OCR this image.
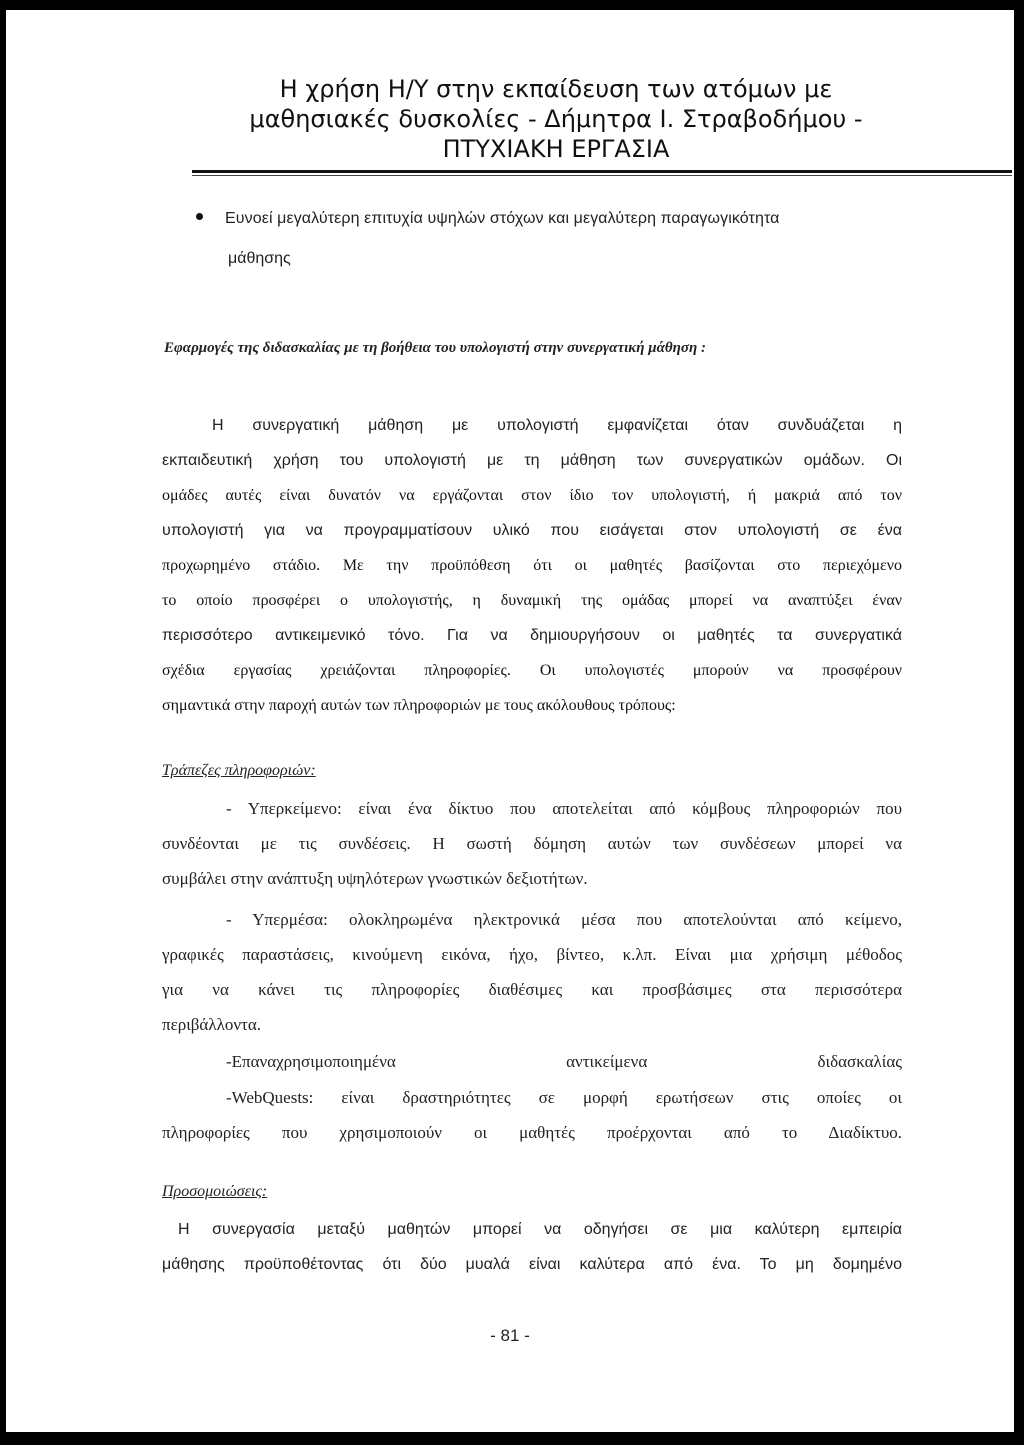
Η χρήση Η/Υ στην εκπαίδευση των ατόμων με
μαθησιακές δυσκολίες - Δήμητρα Ι. Στραβοδήμου -
ΠΤΥΧΙΑΚΗ ΕΡΓΑΣΙΑ
Ευνοεί μεγαλύτερη επιτυχία υψηλών στόχων και μεγαλύτερη παραγωγικότητα
μάθησης
Εφαρμογές της διδασκαλίας με τη βοήθεια του υπολογιστή στην συνεργατική μάθηση :
Η συνεργατική μάθηση με υπολογιστή εμφανίζεται όταν συνδυάζεται η
εκπαιδευτική χρήση του υπολογιστή με τη μάθηση των συνεργατικών ομάδων. Οι
ομάδες αυτές είναι δυνατόν να εργάζονται στον ίδιο τον υπολογιστή, ή μακριά από τον
υπολογιστή για να προγραμματίσουν υλικό που εισάγεται στον υπολογιστή σε ένα
προχωρημένο στάδιο. Με την προϋπόθεση ότι οι μαθητές βασίζονται στο περιεχόμενο
το οποίο προσφέρει ο υπολογιστής, η δυναμική της ομάδας μπορεί να αναπτύξει έναν
περισσότερο αντικειμενικό τόνο. Για να δημιουργήσουν οι μαθητές τα συνεργατικά
σχέδια εργασίας χρειάζονται πληροφορίες. Οι υπολογιστές μπορούν να προσφέρουν
σημαντικά στην παροχή αυτών των πληροφοριών με τους ακόλουθους τρόπους:
Τράπεζες πληροφοριών:
- Υπερκείμενο: είναι ένα δίκτυο που αποτελείται από κόμβους πληροφοριών που
συνδέονται με τις συνδέσεις. Η σωστή δόμηση αυτών των συνδέσεων μπορεί να
συμβάλει στην ανάπτυξη υψηλότερων γνωστικών δεξιοτήτων.
- Υπερμέσα: ολοκληρωμένα ηλεκτρονικά μέσα που αποτελούνται από κείμενο,
γραφικές παραστάσεις, κινούμενη εικόνα, ήχο, βίντεο, κ.λπ. Είναι μια χρήσιμη μέθοδος
για να κάνει τις πληροφορίες διαθέσιμες και προσβάσιμες στα περισσότερα
περιβάλλοντα.
-Επαναχρησιμοποιημένα	αντικείμενα	διδασκαλίας
-WebQuests: είναι δραστηριότητες σε μορφή ερωτήσεων στις οποίες οι
πληροφορίες που χρησιμοποιούν οι μαθητές προέρχονται από το Διαδίκτυο.
Προσομοιώσεις:
Η συνεργασία μεταξύ μαθητών μπορεί να οδηγήσει σε μια καλύτερη εμπειρία
μάθησης προϋποθέτοντας ότι δύο μυαλά είναι καλύτερα από ένα. Το μη δομημένο
- 81 -
